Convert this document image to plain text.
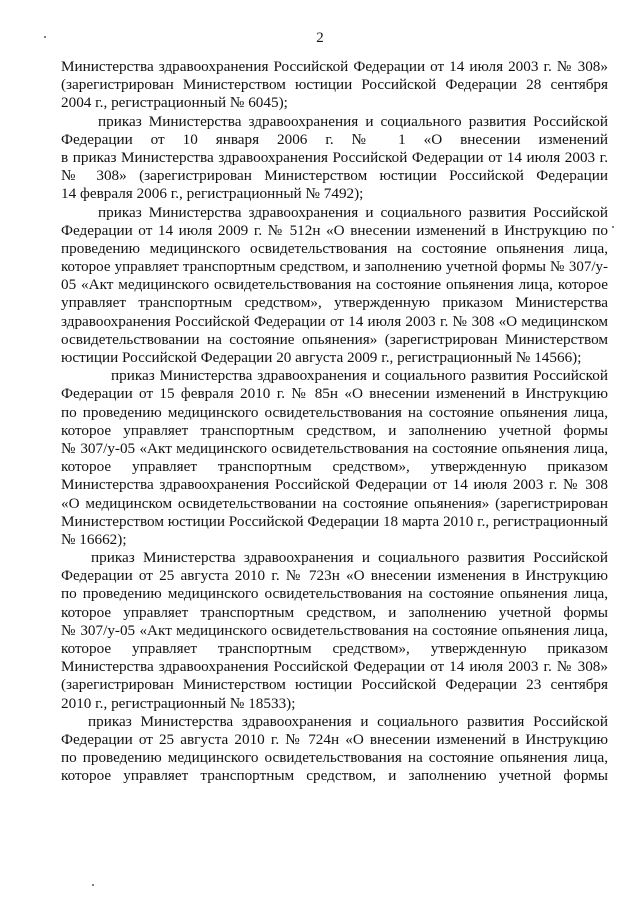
2
Министерства здравоохранения Российской Федерации от 14 июля 2003 г. № 308»
(зарегистрирован Министерством юстиции Российской Федерации 28 сентября
2004 г., регистрационный № 6045);
приказ Министерства здравоохранения и социального развития Российской
Федерации от 10 января 2006 г. № 1 «О внесении изменений
в приказ Министерства здравоохранения Российской Федерации от 14 июля 2003 г.
№ 308» (зарегистрирован Министерством юстиции Российской Федерации
14 февраля 2006 г., регистрационный № 7492);
приказ Министерства здравоохранения и социального развития Российской
Федерации от 14 июля 2009 г. № 512н «О внесении изменений в Инструкцию по
проведению медицинского освидетельствования на состояние опьянения лица,
которое управляет транспортным средством, и заполнению учетной формы № 307/у-
05 «Акт медицинского освидетельствования на состояние опьянения лица, которое
управляет транспортным средством», утвержденную приказом Министерства
здравоохранения Российской Федерации от 14 июля 2003 г. № 308 «О медицинском
освидетельствовании на состояние опьянения» (зарегистрирован Министерством
юстиции Российской Федерации 20 августа 2009 г., регистрационный № 14566);
приказ Министерства здравоохранения и социального развития Российской
Федерации от 15 февраля 2010 г. № 85н «О внесении изменений в Инструкцию
по проведению медицинского освидетельствования на состояние опьянения лица,
которое управляет транспортным средством, и заполнению учетной формы
№ 307/у-05 «Акт медицинского освидетельствования на состояние опьянения лица,
которое управляет транспортным средством», утвержденную приказом
Министерства здравоохранения Российской Федерации от 14 июля 2003 г. № 308
«О медицинском освидетельствовании на состояние опьянения» (зарегистрирован
Министерством юстиции Российской Федерации 18 марта 2010 г., регистрационный
№ 16662);
приказ Министерства здравоохранения и социального развития Российской
Федерации от 25 августа 2010 г. № 723н «О внесении изменения в Инструкцию
по проведению медицинского освидетельствования на состояние опьянения лица,
которое управляет транспортным средством, и заполнению учетной формы
№ 307/у-05 «Акт медицинского освидетельствования на состояние опьянения лица,
которое управляет транспортным средством», утвержденную приказом
Министерства здравоохранения Российской Федерации от 14 июля 2003 г. № 308»
(зарегистрирован Министерством юстиции Российской Федерации 23 сентября
2010 г., регистрационный № 18533);
приказ Министерства здравоохранения и социального развития Российской
Федерации от 25 августа 2010 г. № 724н «О внесении изменений в Инструкцию
по проведению медицинского освидетельствования на состояние опьянения лица,
которое управляет транспортным средством, и заполнению учетной формы
